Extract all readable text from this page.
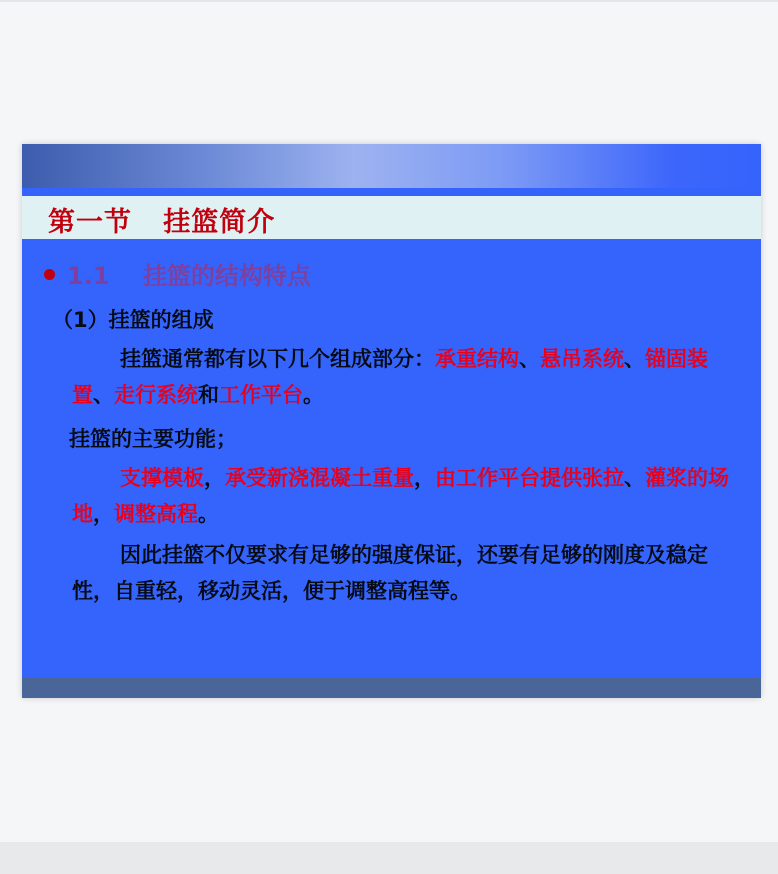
第一节   挂篮简介
1.1    挂篮的结构特点
（1）挂篮的组成
挂篮通常都有以下几个组成部分：承重结构、悬吊系统、锚固装置、走行系统和工作平台。
挂篮的主要功能；
支撑模板，承受新浇混凝土重量，由工作平台提供张拉、灌浆的场地，调整高程。
因此挂篮不仅要求有足够的强度保证，还要有足够的刚度及稳定性，自重轻，移动灵活，便于调整高程等。
